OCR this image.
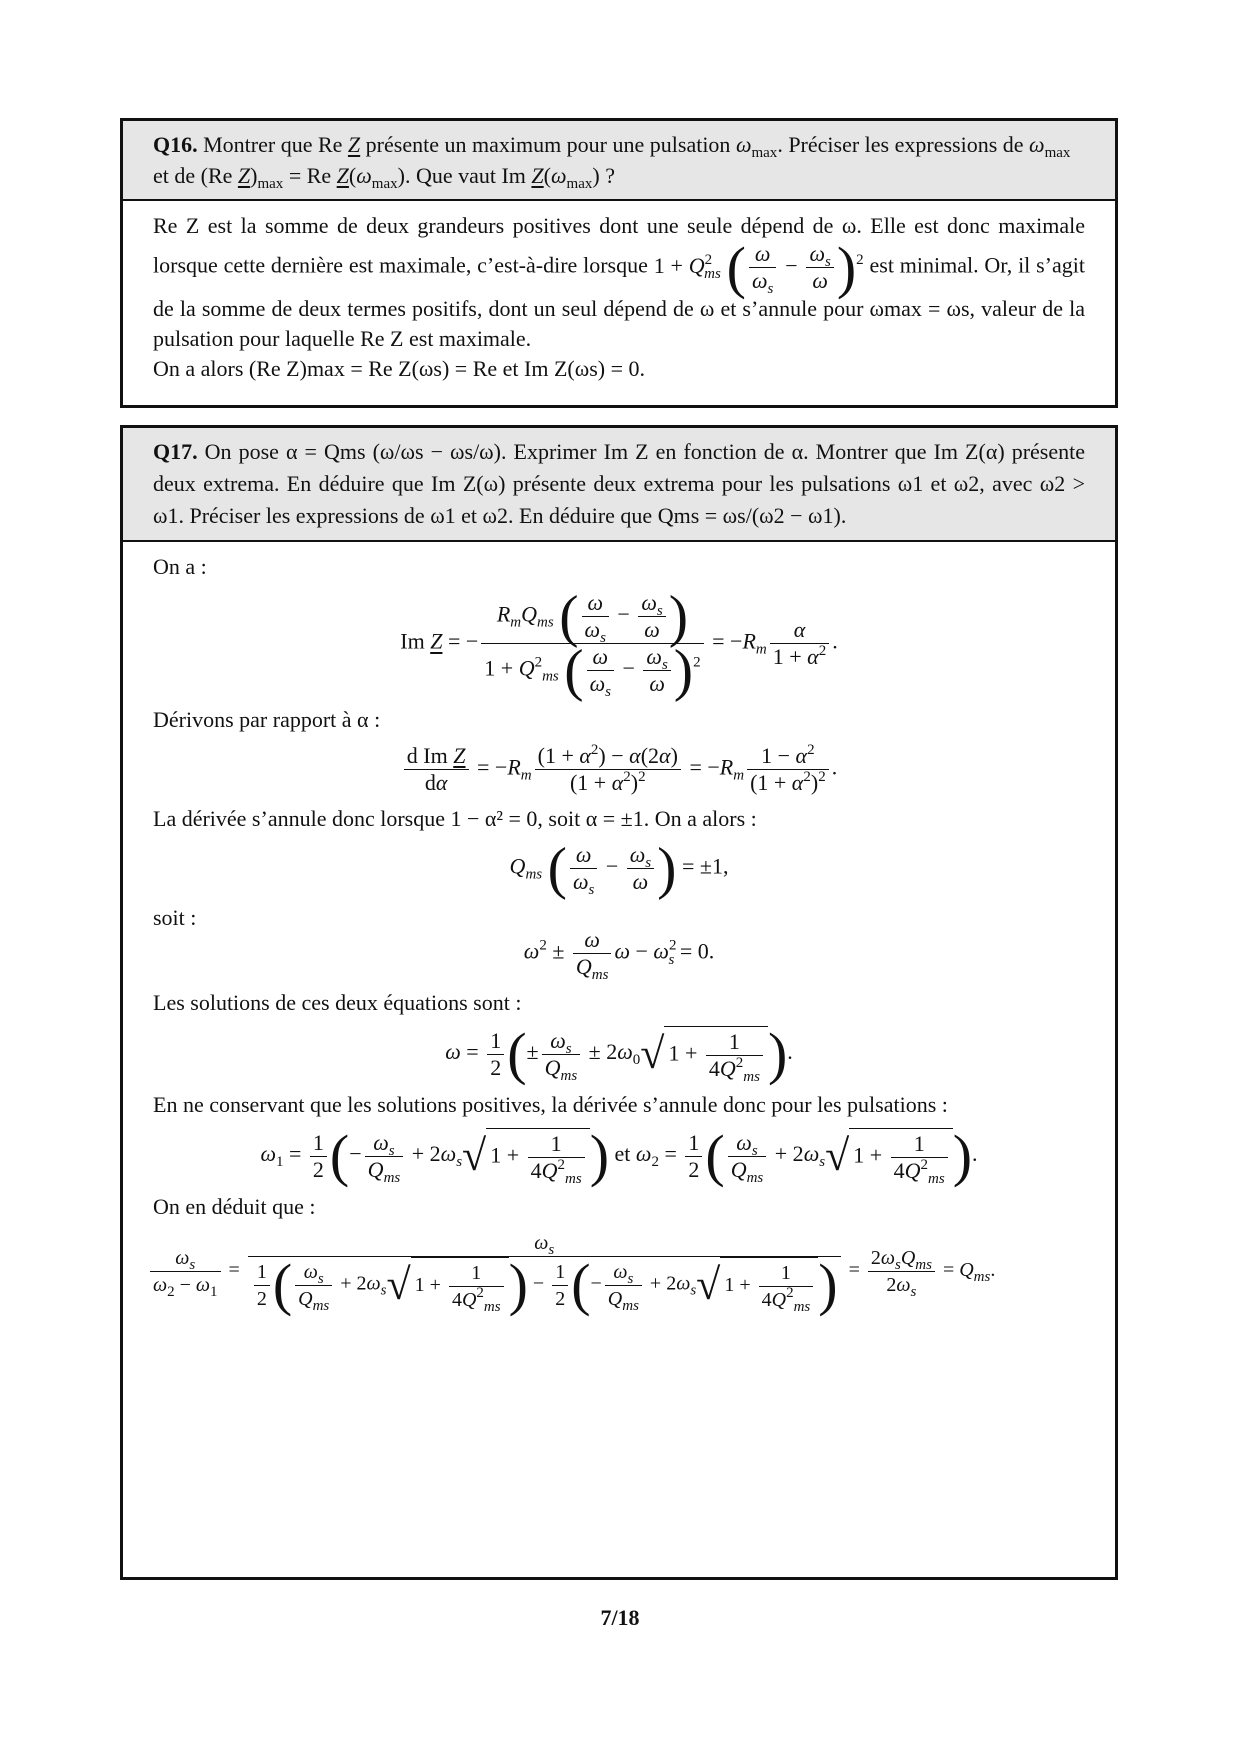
Q16. Montrer que Re Z présente un maximum pour une pulsation $\omega_{max}$. Préciser les expressions de $\omega_{max}$ et de (Re $Z)_{max} = Re$ $Z(\omega_{max})$. Que vaut Im $Z(\omega_{max})$ ?
Re Z est la somme de deux grandeurs positives dont une seule dépend de ω. Elle est donc maximale lorsque cette dernière est maximale, c’est-à-dire lorsque $1 + Q^2_{ms}$ ( $\frac{\omega}{\omega_s} - \frac{\omega_s}{\omega} )^2$ est minimal. Or, il s’agit de la somme de deux termes positifs, dont un seul dépend de ω et s’annule pour ωmax = ωs, valeur de la pulsation pour laquelle Re Z est maximale.
On a alors (Re Z)max = Re Z(ωs) = Re et Im Z(ωs) = 0.
Q17. On pose α = Qms (ω/ωs − ωs/ω). Exprimer Im Z en fonction de α. Montrer que Im Z(α) présente deux extrema. En déduire que Im Z(ω) présente deux extrema pour les pulsations ω1 et ω2, avec ω2 > ω1. Préciser les expressions de ω1 et ω2. En déduire que Qms = ωs/(ω2 − ω1).
On a :
Im Z = − $\frac{R_mQ_{ms} ( \frac{\omega}{\omega_s} - \frac{\omega_s}{\omega} )}{1 + Q^2_{ms} ( \frac{\omega}{\omega_s} - \frac{\omega_s}{\omega} )^2} = -R_m \frac{\alpha}{1 + \alpha^2}$ .
Dérivons par rapport à α :
$\frac{\text{d Im Z}}{d\alpha} = -R_m \frac{(1 + \alpha^2) - \alpha(2\alpha)}{(1 + \alpha^2)^2} = -R_m \frac{1 - \alpha^2}{(1 + \alpha^2)^2}$ .
La dérivée s’annule donc lorsque 1 − α² = 0, soit α = ±1. On a alors :
$Q_{ms}$ ( $\frac{\omega}{\omega_s} - \frac{\omega_s}{\omega}$ ) = ±1,
soit :
$\omega^2 \pm \frac{\omega}{Q_{ms}}$ $\omega - \omega^2_s = 0$.
Les solutions de ces deux équations sont :
$\omega = \frac{1}{2}$ (± $\frac{\omega_s}{Q_{ms}} \pm 2\omega_0√$ $1 + \frac{1}{4Q^2_{ms}}$ ).
En ne conservant que les solutions positives, la dérivée s’annule donc pour les pulsations :
$\omega_1 = \frac{1}{2}$ (− $\frac{\omega_s}{Q_{ms}} + 2\omega_s√$ $1 + \frac{1}{4Q^2_{ms}}$ ) et $\omega_2 = \frac{1}{2}$ ( $\frac{\omega_s}{Q_{ms}} + 2\omega_s√$ $1 + \frac{1}{4Q^2_{ms}}$ ).
On en déduit que :
$\frac{\omega_s}{\omega_2 - \omega_1} = \frac{\omega_s}{\frac{1}{2} ( \frac{\omega_s}{Q_{ms}} + 2\omega_s√ 1 + \frac{1}{4Q^2_{ms}} ) - \frac{1}{2} (- \frac{\omega_s}{Q_{ms}} + 2\omega_s√ 1 + \frac{1}{4Q^2_{ms}} )} = \frac{2\omega_sQ_{ms}}{2\omega_s} = Q_{ms}$.
7/18
